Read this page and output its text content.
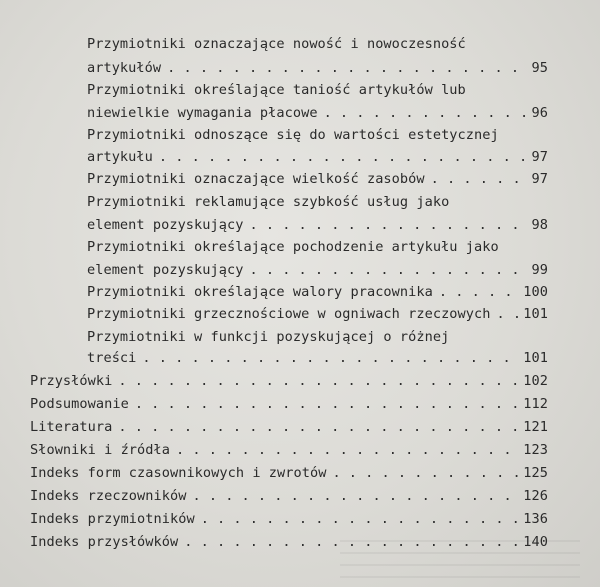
Przymiotniki oznaczające nowość i nowoczesność
artykułów . . .	95
Przymiotniki określające taniość artykułów lub
niewielkie wymagania płacowe . . .	96
Przymiotniki odnoszące się do wartości estetycznej
artykułu . . .	97
Przymiotniki oznaczające wielkość zasobów . . .	97
Przymiotniki reklamujące szybkość usług jako
element pozyskujący . . .	98
Przymiotniki określające pochodzenie artykułu jako
element pozyskujący . . .	99
Przymiotniki określające walory pracownika . . .	100
Przymiotniki grzecznościowe w ogniwach rzeczowych . . . 101
Przymiotniki w funkcji pozyskującej o różnej
treści . . .	101
Przysłówki . . .	102
Podsumowanie . . .	112
Literatura . . .	121
Słowniki i źródła . . .	123
Indeks form czasownikowych i zwrotów . . .	125
Indeks rzeczowników . . .	126
Indeks przymiotników . . .	136
Indeks przysłówków . . .	140
